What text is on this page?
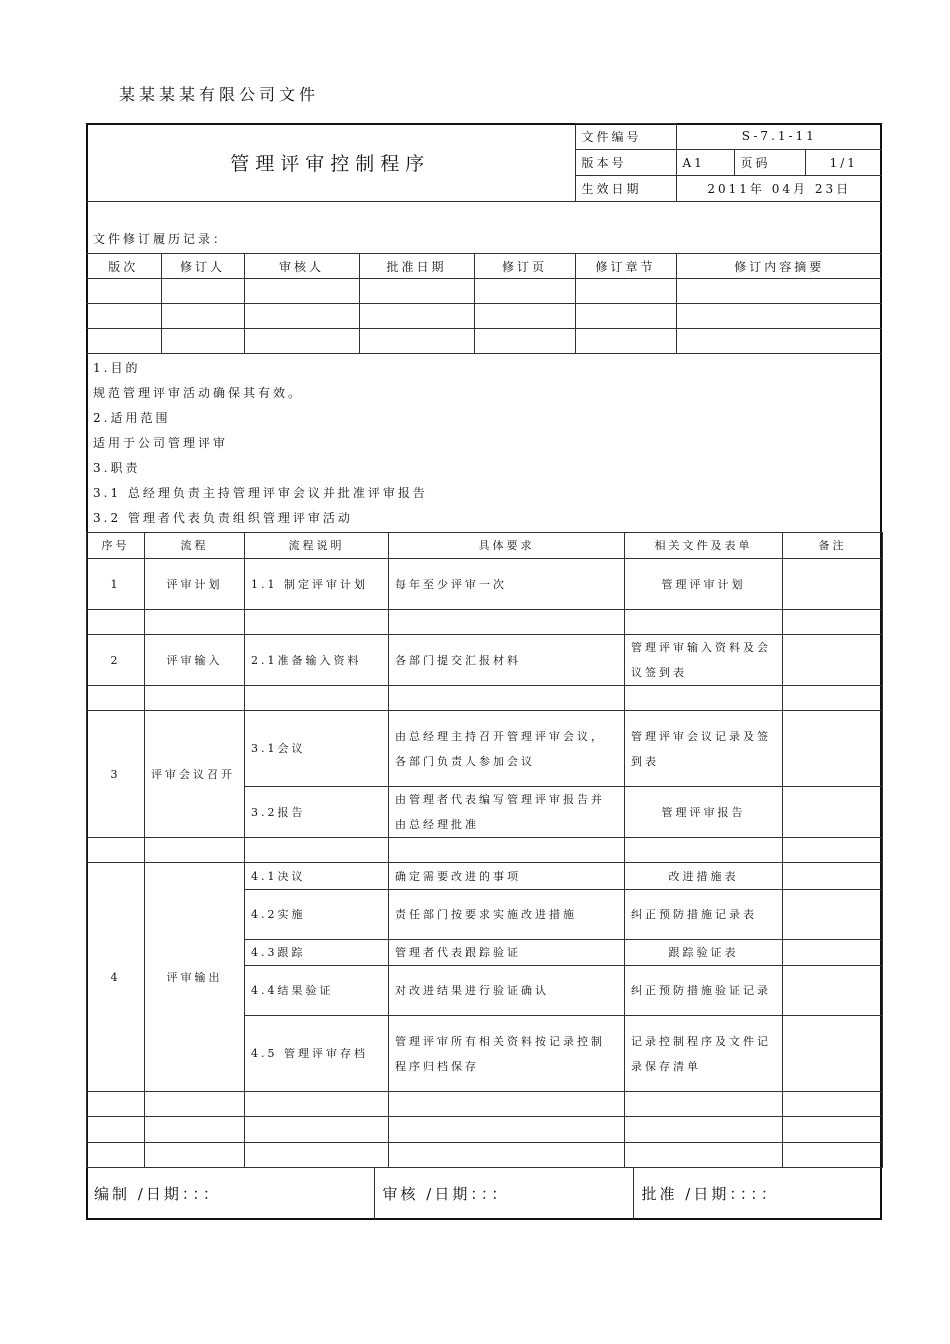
某某某某有限公司文件
管理评审控制程序	文件编号	S-7.1-11		
	版本号	A1	页码	1/1
	生效日期	2011年 04月 23日		
文件修订履历记录：
版次	修订人	审核人	批准日期	修订页	修订章节	修订内容摘要

1.目的
规范管理评审活动确保其有效。
2.适用范围
适用于公司管理评审
3.职责
3.1 总经理负责主持管理评审会议并批准评审报告
3.2 管理者代表负责组织管理评审活动
序号	流程	流程说明	具体要求	相关文件及表单	备注
1	评审计划	1.1 制定评审计划	每年至少评审一次	管理评审计划	

2	评审输入	2.1准备输入资料	各部门提交汇报材料	管理评审输入资料及会议签到表	

3	评审会议召开	3.1会议	由总经理主持召开管理评审会议，各部门负责人参加会议	管理评审会议记录及签到表	
		3.2报告	由管理者代表编写管理评审报告并由总经理批准	管理评审报告	

4	评审输出	4.1决议	确定需要改进的事项	改进措施表	
		4.2实施	责任部门按要求实施改进措施	纠正预防措施记录表	
		4.3跟踪	管理者代表跟踪验证	跟踪验证表	
		4.4结果验证	对改进结果进行验证确认	纠正预防措施验证记录	
		4.5 管理评审存档	管理评审所有相关资料按记录控制程序归档保存	记录控制程序及文件记录保存清单	

编制 /日期：：：	审核 /日期：：：	批准 /日期：：：：
